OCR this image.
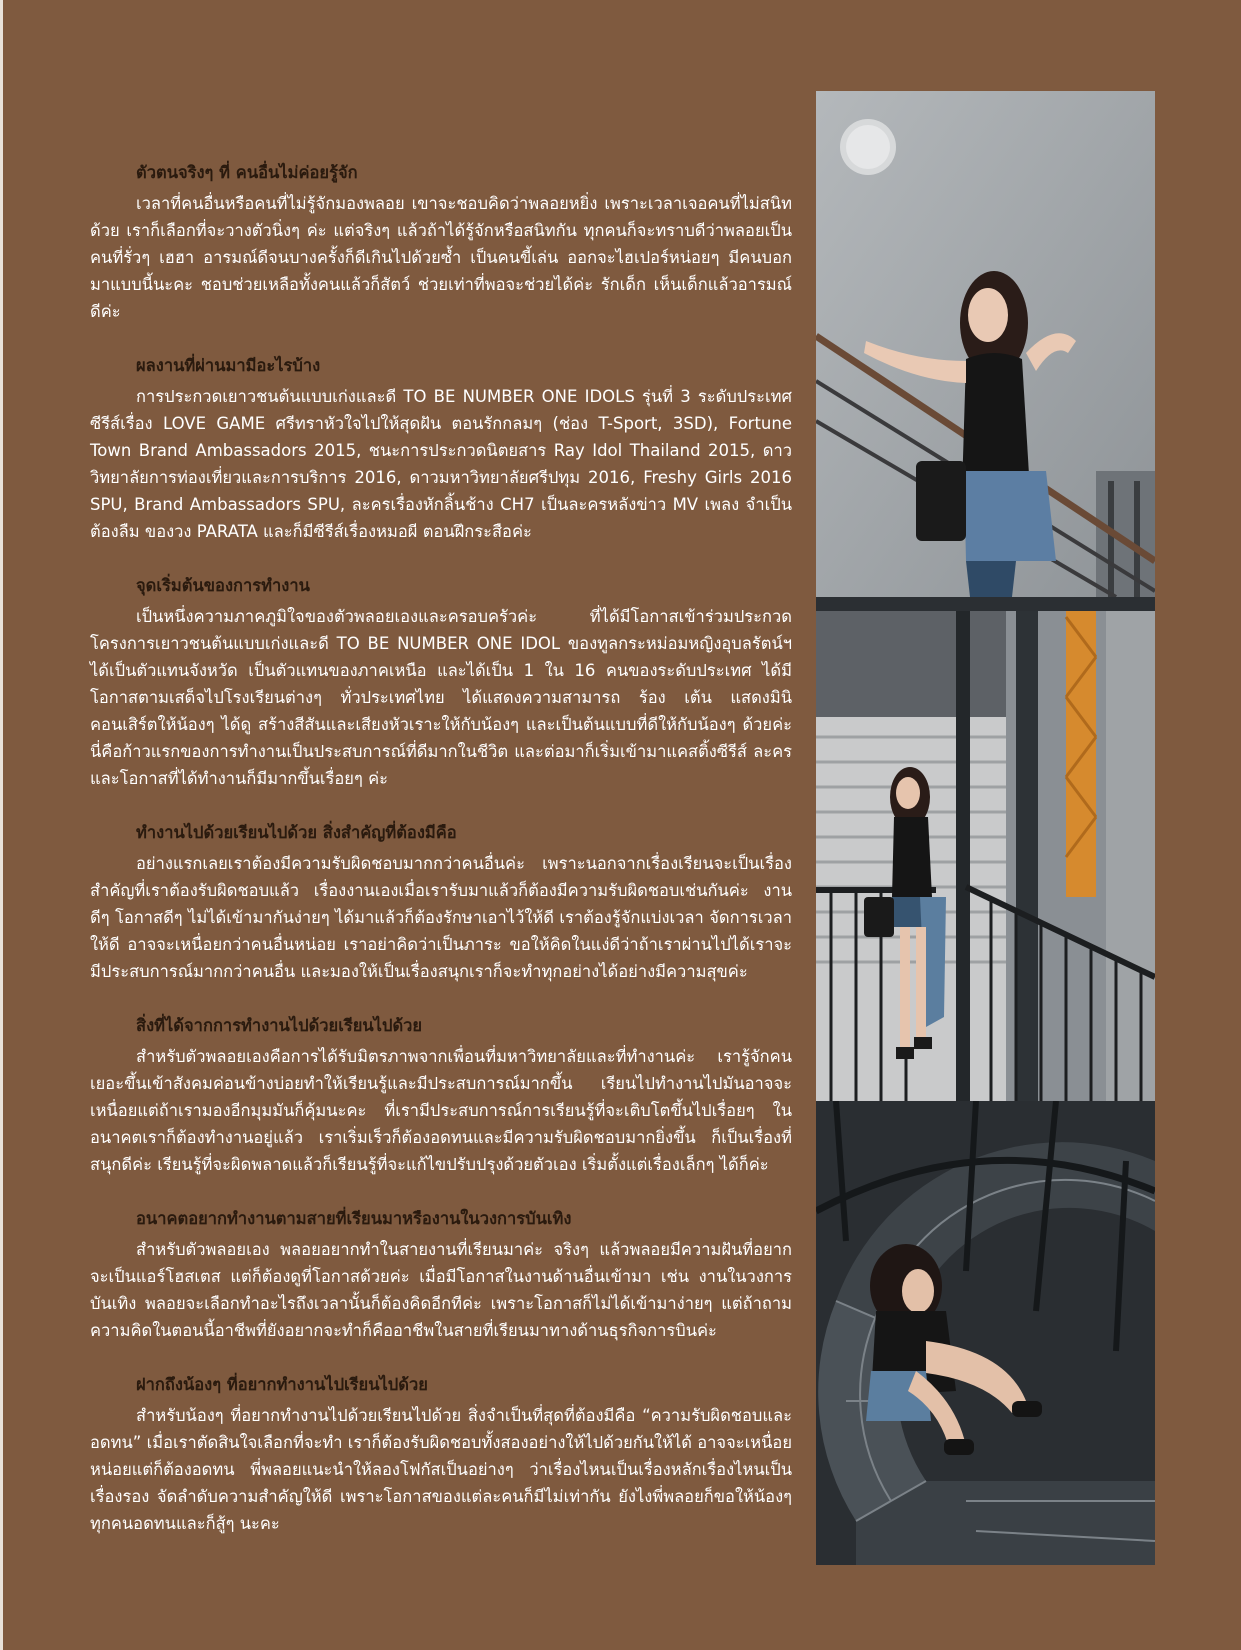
ตัวตนจริงๆ ที่ คนอื่นไม่ค่อยรู้จัก

เวลาที่คนอื่นหรือคนที่ไม่รู้จักมองพลอย เขาจะชอบคิดว่าพลอยหยิ่ง เพราะเวลาเจอคนที่ไม่สนิทด้วย เราก็เลือกที่จะวางตัวนิ่งๆ ค่ะ แต่จริงๆ แล้วถ้าได้รู้จักหรือสนิทกัน ทุกคนก็จะทราบดีว่าพลอยเป็นคนที่รั่วๆ เฮฮา อารมณ์ดีจนบางครั้งก็ดีเกินไปด้วยซ้ำ เป็นคนขี้เล่น ออกจะไฮเปอร์หน่อยๆ มีคนบอกมาแบบนี้นะคะ ชอบช่วยเหลือทั้งคนแล้วก็สัตว์ ช่วยเท่าที่พอจะช่วยได้ค่ะ รักเด็ก เห็นเด็กแล้วอารมณ์ดีค่ะ

ผลงานที่ผ่านมามีอะไรบ้าง

การประกวดเยาวชนต้นแบบเก่งและดี TO BE NUMBER ONE IDOLS รุ่นที่ 3 ระดับประเทศ ซีรีส์เรื่อง LOVE GAME ศรีทราหัวใจไปให้สุดฝัน ตอนรักกลมๆ (ช่อง T-Sport, 3SD), Fortune Town Brand Ambassadors 2015, ชนะการประกวดนิตยสาร Ray Idol Thailand 2015, ดาววิทยาลัยการท่องเที่ยวและการบริการ 2016, ดาวมหาวิทยาลัยศรีปทุม 2016, Freshy Girls 2016 SPU, Brand Ambassadors SPU, ละครเรื่องหักลิ้นช้าง CH7 เป็นละครหลังข่าว MV เพลง จำเป็นต้องลืม ของวง PARATA และก็มีซีรีส์เรื่องหมอผี ตอนฝึกระสือค่ะ

จุดเริ่มต้นของการทำงาน

เป็นหนึ่งความภาคภูมิใจของตัวพลอยเองและครอบครัวค่ะ ที่ได้มีโอกาสเข้าร่วมประกวดโครงการเยาวชนต้นแบบเก่งและดี TO BE NUMBER ONE IDOL ของทูลกระหม่อมหญิงอุบลรัตน์ฯ ได้เป็นตัวแทนจังหวัด เป็นตัวแทนของภาคเหนือ และได้เป็น 1 ใน 16 คนของระดับประเทศ ได้มีโอกาสตามเสด็จไปโรงเรียนต่างๆ ทั่วประเทศไทย ได้แสดงความสามารถ ร้อง เต้น แสดงมินิคอนเสิร์ตให้น้องๆ ได้ดู สร้างสีสันและเสียงหัวเราะให้กับน้องๆ และเป็นต้นแบบที่ดีให้กับน้องๆ ด้วยค่ะ นี่คือก้าวแรกของการทำงานเป็นประสบการณ์ที่ดีมากในชีวิต และต่อมาก็เริ่มเข้ามาแคสติ้งซีรีส์ ละคร และโอกาสที่ได้ทำงานก็มีมากขึ้นเรื่อยๆ ค่ะ

ทำงานไปด้วยเรียนไปด้วย สิ่งสำคัญที่ต้องมีคือ

อย่างแรกเลยเราต้องมีความรับผิดชอบมากกว่าคนอื่นค่ะ เพราะนอกจากเรื่องเรียนจะเป็นเรื่องสำคัญที่เราต้องรับผิดชอบแล้ว เรื่องงานเองเมื่อเรารับมาแล้วก็ต้องมีความรับผิดชอบเช่นกันค่ะ งานดีๆ โอกาสดีๆ ไม่ได้เข้ามากันง่ายๆ ได้มาแล้วก็ต้องรักษาเอาไว้ให้ดี เราต้องรู้จักแบ่งเวลา จัดการเวลาให้ดี อาจจะเหนื่อยกว่าคนอื่นหน่อย เราอย่าคิดว่าเป็นภาระ ขอให้คิดในแง่ดีว่าถ้าเราผ่านไปได้เราจะมีประสบการณ์มากกว่าคนอื่น และมองให้เป็นเรื่องสนุกเราก็จะทำทุกอย่างได้อย่างมีความสุขค่ะ

สิ่งที่ได้จากการทำงานไปด้วยเรียนไปด้วย

สำหรับตัวพลอยเองคือการได้รับมิตรภาพจากเพื่อนที่มหาวิทยาลัยและที่ทำงานค่ะ เรารู้จักคนเยอะขึ้นเข้าสังคมค่อนข้างบ่อยทำให้เรียนรู้และมีประสบการณ์มากขึ้น เรียนไปทำงานไปมันอาจจะเหนื่อยแต่ถ้าเรามองอีกมุมมันก็คุ้มนะคะ ที่เรามีประสบการณ์การเรียนรู้ที่จะเติบโตขึ้นไปเรื่อยๆ ในอนาคตเราก็ต้องทำงานอยู่แล้ว เราเริ่มเร็วก็ต้องอดทนและมีความรับผิดชอบมากยิ่งขึ้น ก็เป็นเรื่องที่สนุกดีค่ะ เรียนรู้ที่จะผิดพลาดแล้วก็เรียนรู้ที่จะแก้ไขปรับปรุงด้วยตัวเอง เริ่มตั้งแต่เรื่องเล็กๆ ได้ก็ค่ะ

อนาคตอยากทำงานตามสายที่เรียนมาหรืองานในวงการบันเทิง

สำหรับตัวพลอยเอง พลอยอยากทำในสายงานที่เรียนมาค่ะ จริงๆ แล้วพลอยมีความฝันที่อยากจะเป็นแอร์โฮสเตส แต่ก็ต้องดูที่โอกาสด้วยค่ะ เมื่อมีโอกาสในงานด้านอื่นเข้ามา เช่น งานในวงการบันเทิง พลอยจะเลือกทำอะไรถึงเวลานั้นก็ต้องคิดอีกทีค่ะ เพราะโอกาสก็ไม่ได้เข้ามาง่ายๆ แต่ถ้าถามความคิดในตอนนี้อาชีพที่ยังอยากจะทำก็คืออาชีพในสายที่เรียนมาทางด้านธุรกิจการบินค่ะ

ฝากถึงน้องๆ ที่อยากทำงานไปเรียนไปด้วย

สำหรับน้องๆ ที่อยากทำงานไปด้วยเรียนไปด้วย สิ่งจำเป็นที่สุดที่ต้องมีคือ “ความรับผิดชอบและอดทน” เมื่อเราตัดสินใจเลือกที่จะทำ เราก็ต้องรับผิดชอบทั้งสองอย่างให้ไปด้วยกันให้ได้ อาจจะเหนื่อยหน่อยแต่ก็ต้องอดทน พี่พลอยแนะนำให้ลองโฟกัสเป็นอย่างๆ ว่าเรื่องไหนเป็นเรื่องหลักเรื่องไหนเป็นเรื่องรอง จัดลำดับความสำคัญให้ดี เพราะโอกาสของแต่ละคนก็มีไม่เท่ากัน ยังไงพี่พลอยก็ขอให้น้องๆ ทุกคนอดทนและก็สู้ๆ นะคะ
